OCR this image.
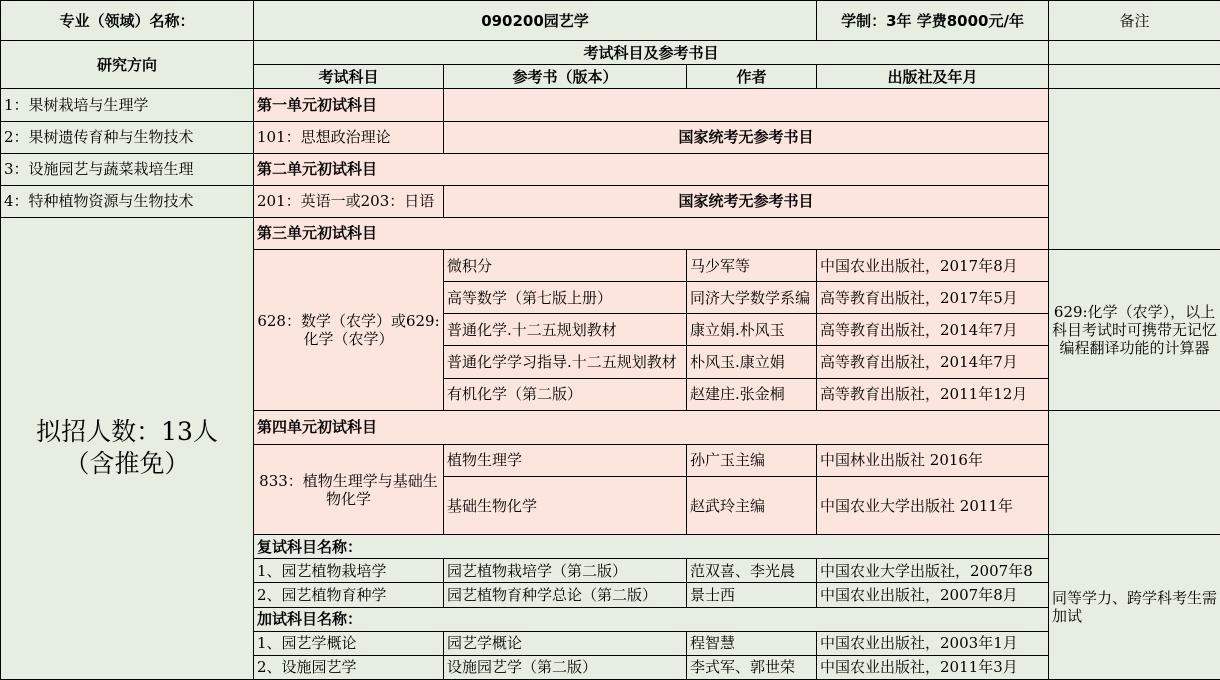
专业（领域）名称：	090200园艺学			学制：3年 学费8000元/年	备注
研究方向	考试科目及参考书目				
	考试科目	参考书（版本）	作者	出版社及年月	
1：果树栽培与生理学	第一单元初试科目				
2：果树遗传育种与生物技术	101：思想政治理论	国家统考无参考书目			
3：设施园艺与蔬菜栽培生理	第二单元初试科目				
4：特种植物资源与生物技术	201：英语一或203：日语	国家统考无参考书目			

拟招人数：13人
（含推免）	第三单元初试科目				
	628：数学（农学）或629:化学（农学）	微积分	马少军等	中国农业出版社，2017年8月	629:化学（农学），以上科目考试时可携带无记忆编程翻译功能的计算器
		高等数学（第七版上册）	同济大学数学系编	高等教育出版社，2017年5月	
		普通化学.十二五规划教材	康立娟.朴风玉	高等教育出版社，2014年7月	
		普通化学学习指导.十二五规划教材	朴风玉.康立娟	高等教育出版社，2014年7月	
		有机化学（第二版）	赵建庄.张金桐	高等教育出版社，2011年12月	
	第四单元初试科目				
	833：植物生理学与基础生物化学	植物生理学	孙广玉主编	中国林业出版社 2016年	
		基础生物化学	赵武玲主编	中国农业大学出版社 2011年	
	复试科目名称：				同等学力、跨学科考生需加试
	1、园艺植物栽培学	园艺植物栽培学（第二版）	范双喜、李光晨	中国农业大学出版社，2007年8	
	2、园艺植物育种学	园艺植物育种学总论（第二版）	景士西	中国农业出版社，2007年8月	
	加试科目名称：				
	1、园艺学概论	园艺学概论	程智慧	中国农业出版社，2003年1月	
	2、设施园艺学	设施园艺学（第二版）	李式军、郭世荣	中国农业出版社，2011年3月	
